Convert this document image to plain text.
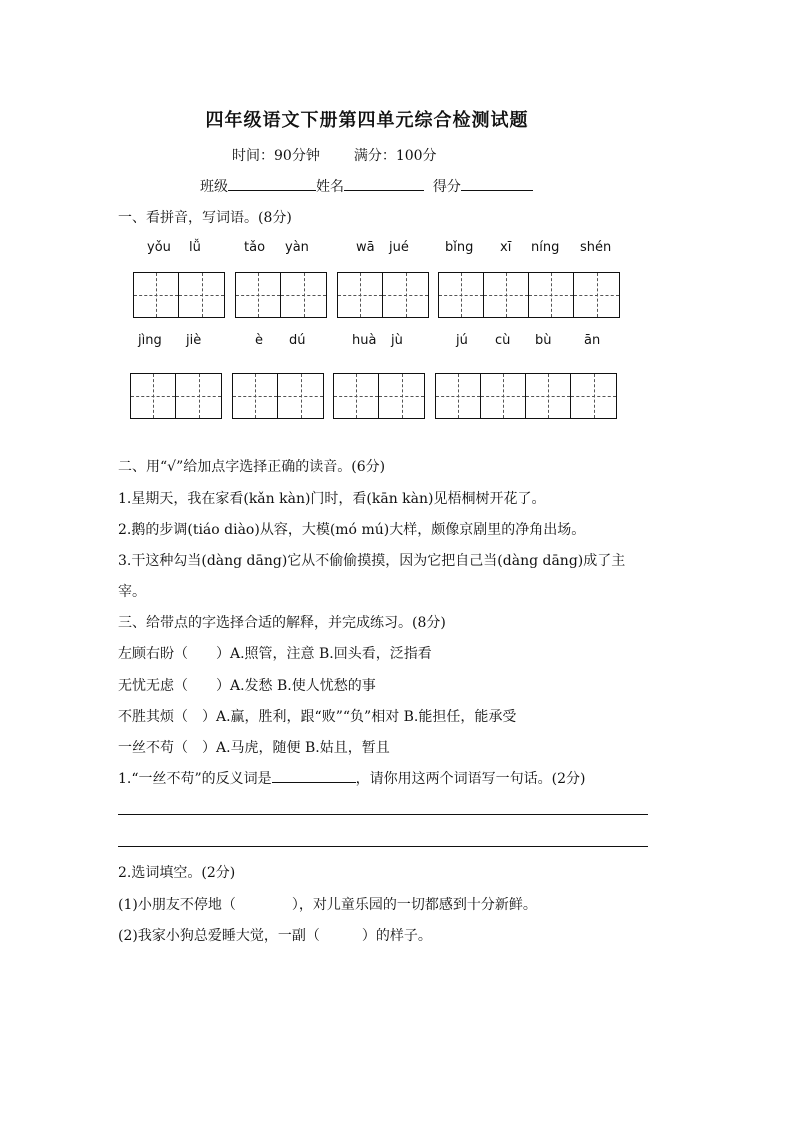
四年级语文下册第四单元综合检测试题
时间：90分钟 满分：100分
班级	姓名	得分
一、看拼音，写词语。(8分)
yǒu lǚ	tǎo yàn	wā jué	bǐng xī níng shén
jìng jiè	è dú	huà jù	jú cù bù	ān
二、用“√”给加点字选择正确的读音。(6分)
1.星期天，我在家看(kǎn kàn)门时，看(kān kàn)见梧桐树开花了。
2.鹅的步调(tiáo diào)从容，大模(mó mú)大样，颇像京剧里的净角出场。
3.干这种勾当(dàng dāng)它从不偷偷摸摸，因为它把自己当(dàng dāng)成了主
宰。
三、给带点的字选择合适的解释，并完成练习。(8分)
左顾右盼（　　）A.照管，注意 B.回头看，泛指看
无忧无虑（　　）A.发愁 B.使人忧愁的事
不胜其烦（　）A.赢，胜利，跟“败”“负”相对 B.能担任，能承受
一丝不苟（　）A.马虎，随便 B.姑且，暂且
1.“一丝不苟”的反义词是	，请你用这两个词语写一句话。(2分)
2.选词填空。(2分)
(1)小朋友不停地（　　　　），对儿童乐园的一切都感到十分新鲜。
(2)我家小狗总爱睡大觉，一副（　　　）的样子。
